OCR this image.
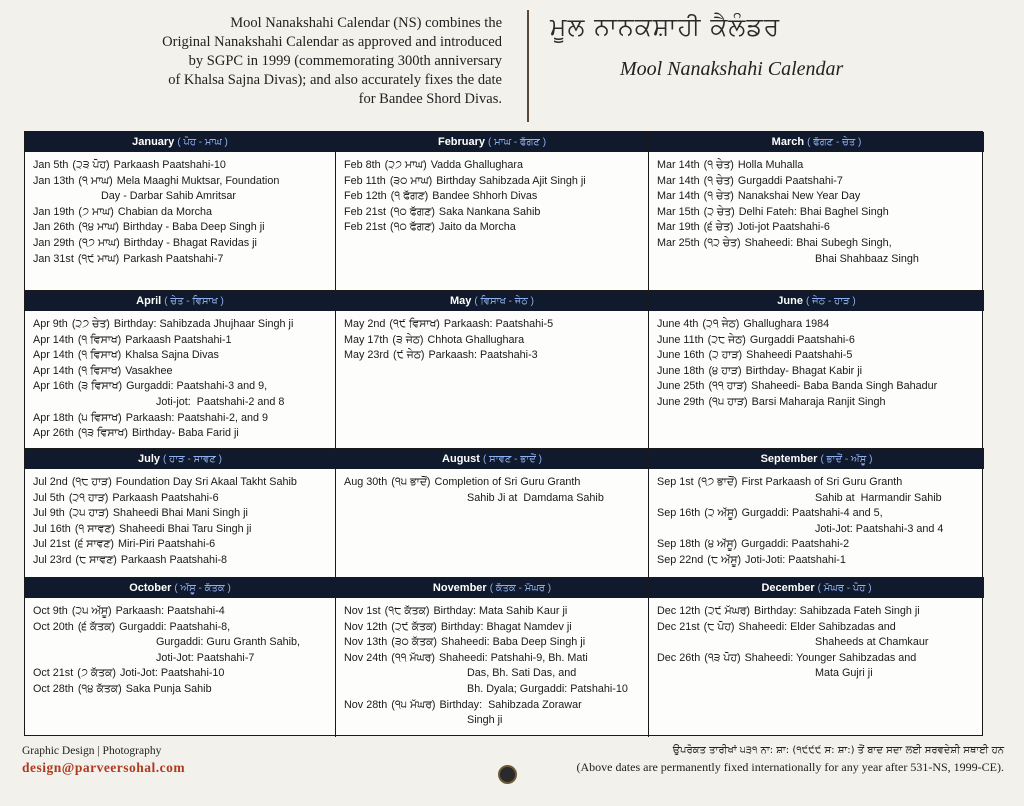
Mool Nanakshahi Calendar (NS) combines the
Original Nanakshahi Calendar as approved and introduced
by SGPC in 1999 (commemorating 300th anniversary
of Khalsa Sajna Divas); and also accurately fixes the date
for Bandee Shord Divas.
ਮੂਲ ਨਾਨਕਸ਼ਾਹੀ ਕੈਲੰਡਰ
Mool Nanakshahi Calendar
January ( ਪੋਹ - ਮਾਘ )
Jan 5th (੨੩ ਪੋਹ) Parkaash Paatshahi-10
Jan 13th (੧ ਮਾਘ) Mela Maaghi Muktsar, Foundation
Day - Darbar Sahib Amritsar
Jan 19th (੭ ਮਾਘ) Chabian da Morcha
Jan 26th (੧੪ ਮਾਘ) Birthday - Baba Deep Singh ji
Jan 29th (੧੭ ਮਾਘ) Birthday - Bhagat Ravidas ji
Jan 31st (੧੯ ਮਾਘ) Parkash Paatshahi-7
February ( ਮਾਘ - ਫੱਗਣ )
Feb 8th (੨੭ ਮਾਘ) Vadda Ghallughara
Feb 11th (੩੦ ਮਾਘ) Birthday Sahibzada Ajit Singh ji
Feb 12th (੧ ਫੱਗਣ) Bandee Shhorh Divas
Feb 21st (੧੦ ਫੱਗਣ) Saka Nankana Sahib
Feb 21st (੧੦ ਫੱਗਣ) Jaito da Morcha
March ( ਫੱਗਣ - ਚੇਤ )
Mar 14th (੧ ਚੇਤ) Holla Muhalla
Mar 14th (੧ ਚੇਤ) Gurgaddi Paatshahi-7
Mar 14th (੧ ਚੇਤ) Nanakshai New Year Day
Mar 15th (੨ ਚੇਤ) Delhi Fateh: Bhai Baghel Singh
Mar 19th (੬ ਚੇਤ) Joti-jot Paatshahi-6
Mar 25th (੧੨ ਚੇਤ) Shaheedi: Bhai Subegh Singh,
Bhai Shahbaaz Singh
April ( ਚੇਤ - ਵਿਸਾਖ )
Apr 9th (੨੭ ਚੇਤ) Birthday: Sahibzada Jhujhaar Singh ji
Apr 14th (੧ ਵਿਸਾਖ) Parkaash Paatshahi-1
Apr 14th (੧ ਵਿਸਾਖ) Khalsa Sajna Divas
Apr 14th (੧ ਵਿਸਾਖ) Vasakhee
Apr 16th (੩ ਵਿਸਾਖ) Gurgaddi: Paatshahi-3 and 9,
Joti-jot:  Paatshahi-2 and 8
Apr 18th (੫ ਵਿਸਾਖ) Parkaash: Paatshahi-2, and 9
Apr 26th (੧੩ ਵਿਸਾਖ) Birthday- Baba Farid ji
May ( ਵਿਸਾਖ - ਜੇਠ )
May 2nd (੧੯ ਵਿਸਾਖ) Parkaash: Paatshahi-5
May 17th (੩ ਜੇਠ) Chhota Ghallughara
May 23rd (੯ ਜੇਠ) Parkaash: Paatshahi-3
June ( ਜੇਠ - ਹਾੜ )
June 4th (੨੧ ਜੇਠ) Ghallughara 1984
June 11th (੨੮ ਜੇਠ) Gurgaddi Paatshahi-6
June 16th (੨ ਹਾੜ) Shaheedi Paatshahi-5
June 18th (੪ ਹਾੜ) Birthday- Bhagat Kabir ji
June 25th (੧੧ ਹਾੜ) Shaheedi- Baba Banda Singh Bahadur
June 29th (੧੫ ਹਾੜ) Barsi Maharaja Ranjit Singh
July ( ਹਾੜ - ਸਾਵਣ )
Jul 2nd (੧੮ ਹਾੜ) Foundation Day Sri Akaal Takht Sahib
Jul 5th (੨੧ ਹਾੜ) Parkaash Paatshahi-6
Jul 9th (੨੫ ਹਾੜ) Shaheedi Bhai Mani Singh ji
Jul 16th (੧ ਸਾਵਣ) Shaheedi Bhai Taru Singh ji
Jul 21st (੬ ਸਾਵਣ) Miri-Piri Paatshahi-6
Jul 23rd (੮ ਸਾਵਣ) Parkaash Paatshahi-8
August ( ਸਾਵਣ - ਭਾਦੋਂ )
Aug 30th (੧੫ ਭਾਦੋਂ) Completion of Sri Guru Granth
Sahib Ji at  Damdama Sahib
September ( ਭਾਦੋਂ - ਅੱਸੂ )
Sep 1st (੧੭ ਭਾਦੋਂ) First Parkaash of Sri Guru Granth
Sahib at  Harmandir Sahib
Sep 16th (੨ ਅੱਸੂ) Gurgaddi: Paatshahi-4 and 5,
Joti-Jot: Paatshahi-3 and 4
Sep 18th (੪ ਅੱਸੂ) Gurgaddi: Paatshahi-2
Sep 22nd (੮ ਅੱਸੂ) Joti-Joti: Paatshahi-1
October ( ਅੱਸੂ - ਕੱਤਕ )
Oct 9th (੨੫ ਅੱਸੂ) Parkaash: Paatshahi-4
Oct 20th (੬ ਕੱਤਕ) Gurgaddi: Paatshahi-8,
Gurgaddi: Guru Granth Sahib,
Joti-Jot: Paatshahi-7
Oct 21st (੭ ਕੱਤਕ) Joti-Jot: Paatshahi-10
Oct 28th (੧੪ ਕੱਤਕ) Saka Punja Sahib
November ( ਕੱਤਕ - ਮੱਘਰ )
Nov 1st (੧੮ ਕੱਤਕ) Birthday: Mata Sahib Kaur ji
Nov 12th (੨੯ ਕੱਤਕ) Birthday: Bhagat Namdev ji
Nov 13th (੩੦ ਕੱਤਕ) Shaheedi: Baba Deep Singh ji
Nov 24th (੧੧ ਮੱਘਰ) Shaheedi: Patshahi-9, Bh. Mati
Das, Bh. Sati Das, and
Bh. Dyala; Gurgaddi: Patshahi-10
Nov 28th (੧੫ ਮੱਘਰ) Birthday:  Sahibzada Zorawar
Singh ji
December ( ਮੱਘਰ - ਪੋਹ )
Dec 12th (੨੯ ਮੱਘਰ) Birthday: Sahibzada Fateh Singh ji
Dec 21st (੮ ਪੋਹ) Shaheedi: Elder Sahibzadas and
Shaheeds at Chamkaur
Dec 26th (੧੩ ਪੋਹ) Shaheedi: Younger Sahibzadas and
Mata Gujri ji
Graphic Design | Photography
design@parveersohal.com
ਉਪਰੋਕਤ ਤਾਰੀਖਾਂ ੫੩੧ ਨਾ: ਸ਼ਾ: (੧੯੯੯ ਸ: ਸ਼ਾ:) ਤੋਂ ਬਾਦ ਸਦਾ ਲਈ ਸਰਵਦੇਸ਼ੀ ਸਥਾਈ ਹਨ
(Above dates are permanently fixed internationally for any year after 531-NS, 1999-CE).
